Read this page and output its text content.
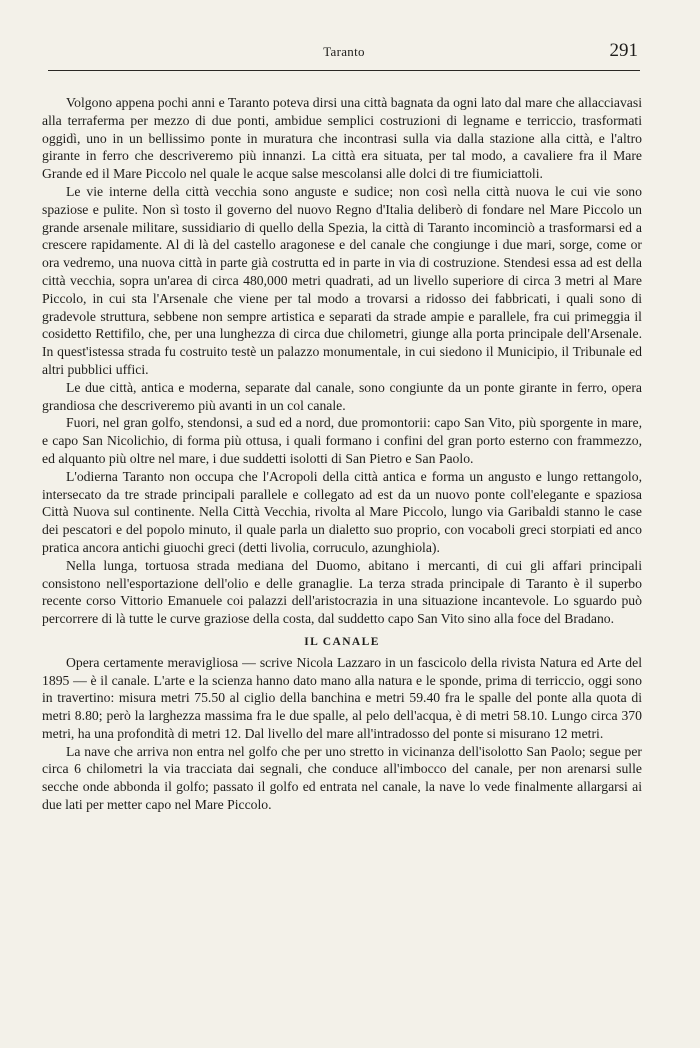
Taranto	291

Volgono appena pochi anni e Taranto poteva dirsi una città bagnata da ogni lato dal mare che allacciavasi alla terraferma per mezzo di due ponti, ambidue semplici costruzioni di legname e terriccio, trasformati oggidì, uno in un bellissimo ponte in muratura che incontrasi sulla via dalla stazione alla città, e l'altro girante in ferro che descriveremo più innanzi. La città era situata, per tal modo, a cavaliere fra il Mare Grande ed il Mare Piccolo nel quale le acque salse mescolansi alle dolci di tre fiumiciattoli.

Le vie interne della città vecchia sono anguste e sudice; non così nella città nuova le cui vie sono spaziose e pulite. Non sì tosto il governo del nuovo Regno d'Italia deliberò di fondare nel Mare Piccolo un grande arsenale militare, sussidiario di quello della Spezia, la città di Taranto incominciò a trasformarsi ed a crescere rapidamente. Al di là del castello aragonese e del canale che congiunge i due mari, sorge, come or ora vedremo, una nuova città in parte già costrutta ed in parte in via di costruzione. Stendesi essa ad est della città vecchia, sopra un'area di circa 480,000 metri quadrati, ad un livello superiore di circa 3 metri al Mare Piccolo, in cui sta l'Arsenale che viene per tal modo a trovarsi a ridosso dei fabbricati, i quali sono di gradevole struttura, sebbene non sempre artistica e separati da strade ampie e parallele, fra cui primeggia il cosidetto Rettifilo, che, per una lunghezza di circa due chilometri, giunge alla porta principale dell'Arsenale. In quest'istessa strada fu costruito testè un palazzo monumentale, in cui siedono il Municipio, il Tribunale ed altri pubblici uffici.

Le due città, antica e moderna, separate dal canale, sono congiunte da un ponte girante in ferro, opera grandiosa che descriveremo più avanti in un col canale.

Fuori, nel gran golfo, stendonsi, a sud ed a nord, due promontorii: capo San Vito, più sporgente in mare, e capo San Nicolichio, di forma più ottusa, i quali formano i confini del gran porto esterno con frammezzo, ed alquanto più oltre nel mare, i due suddetti isolotti di San Pietro e San Paolo.

L'odierna Taranto non occupa che l'Acropoli della città antica e forma un angusto e lungo rettangolo, intersecato da tre strade principali parallele e collegato ad est da un nuovo ponte coll'elegante e spaziosa Città Nuova sul continente. Nella Città Vecchia, rivolta al Mare Piccolo, lungo via Garibaldi stanno le case dei pescatori e del popolo minuto, il quale parla un dialetto suo proprio, con vocaboli greci storpiati ed anco pratica ancora antichi giuochi greci (detti livolia, corruculo, azunghiola).

Nella lunga, tortuosa strada mediana del Duomo, abitano i mercanti, di cui gli affari principali consistono nell'esportazione dell'olio e delle granaglie. La terza strada principale di Taranto è il superbo recente corso Vittorio Emanuele coi palazzi dell'aristocrazia in una situazione incantevole. Lo sguardo può percorrere di là tutte le curve graziose della costa, dal suddetto capo San Vito sino alla foce del Bradano.

IL CANALE

Opera certamente meravigliosa — scrive Nicola Lazzaro in un fascicolo della rivista Natura ed Arte del 1895 — è il canale. L'arte e la scienza hanno dato mano alla natura e le sponde, prima di terriccio, oggi sono in travertino: misura metri 75.50 al ciglio della banchina e metri 59.40 fra le spalle del ponte alla quota di metri 8.80; però la larghezza massima fra le due spalle, al pelo dell'acqua, è di metri 58.10. Lungo circa 370 metri, ha una profondità di metri 12. Dal livello del mare all'intradosso del ponte si misurano 12 metri.

La nave che arriva non entra nel golfo che per uno stretto in vicinanza dell'isolotto San Paolo; segue per circa 6 chilometri la via tracciata dai segnali, che conduce all'imbocco del canale, per non arenarsi sulle secche onde abbonda il golfo; passato il golfo ed entrata nel canale, la nave lo vede finalmente allargarsi ai due lati per metter capo nel Mare Piccolo.
